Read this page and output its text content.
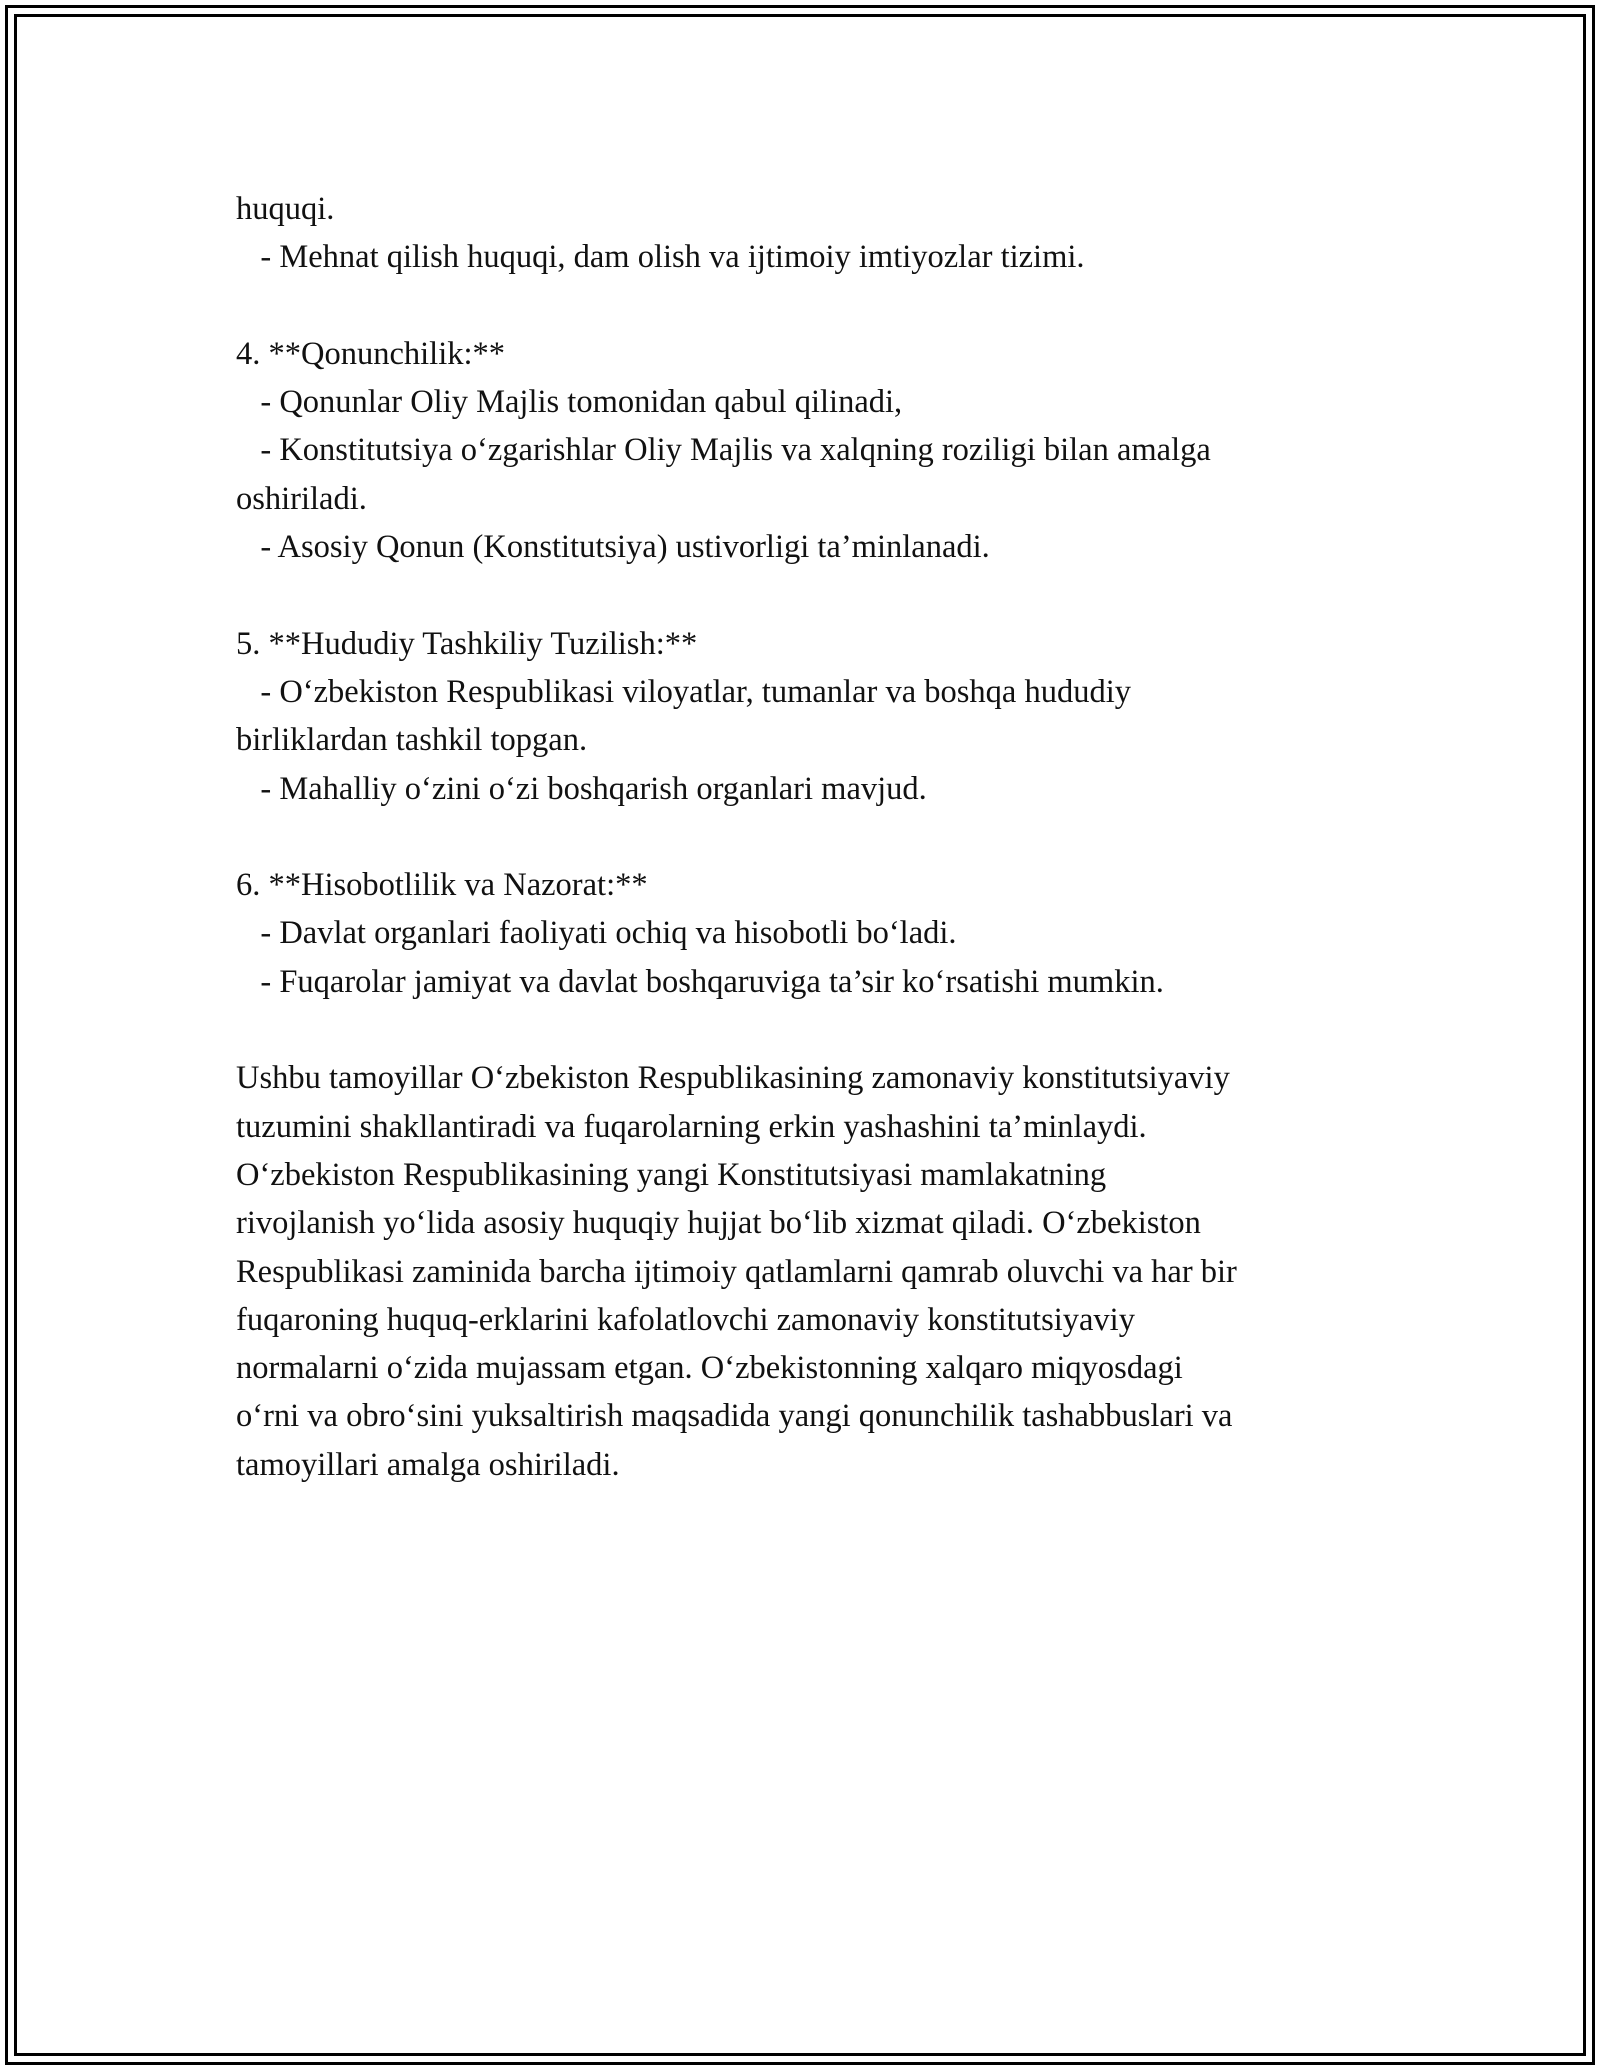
huquqi.
- Mehnat qilish huquqi, dam olish va ijtimoiy imtiyozlar tizimi.
4. **Qonunchilik:**
- Qonunlar Oliy Majlis tomonidan qabul qilinadi,
- Konstitutsiya o‘zgarishlar Oliy Majlis va xalqning roziligi bilan amalga
oshiriladi.
- Asosiy Qonun (Konstitutsiya) ustivorligi ta’minlanadi.
5. **Hududiy Tashkiliy Tuzilish:**
- O‘zbekiston Respublikasi viloyatlar, tumanlar va boshqa hududiy
birliklardan tashkil topgan.
- Mahalliy o‘zini o‘zi boshqarish organlari mavjud.
6. **Hisobotlilik va Nazorat:**
- Davlat organlari faoliyati ochiq va hisobotli bo‘ladi.
- Fuqarolar jamiyat va davlat boshqaruviga ta’sir ko‘rsatishi mumkin.
Ushbu tamoyillar O‘zbekiston Respublikasining zamonaviy konstitutsiyaviy
tuzumini shakllantiradi va fuqarolarning erkin yashashini ta’minlaydi.
O‘zbekiston Respublikasining yangi Konstitutsiyasi mamlakatning
rivojlanish yo‘lida asosiy huquqiy hujjat bo‘lib xizmat qiladi. O‘zbekiston
Respublikasi zaminida barcha ijtimoiy qatlamlarni qamrab oluvchi va har bir
fuqaroning huquq-erklarini kafolatlovchi zamonaviy konstitutsiyaviy
normalarni o‘zida mujassam etgan. O‘zbekistonning xalqaro miqyosdagi
o‘rni va obro‘sini yuksaltirish maqsadida yangi qonunchilik tashabbuslari va
tamoyillari amalga oshiriladi.
